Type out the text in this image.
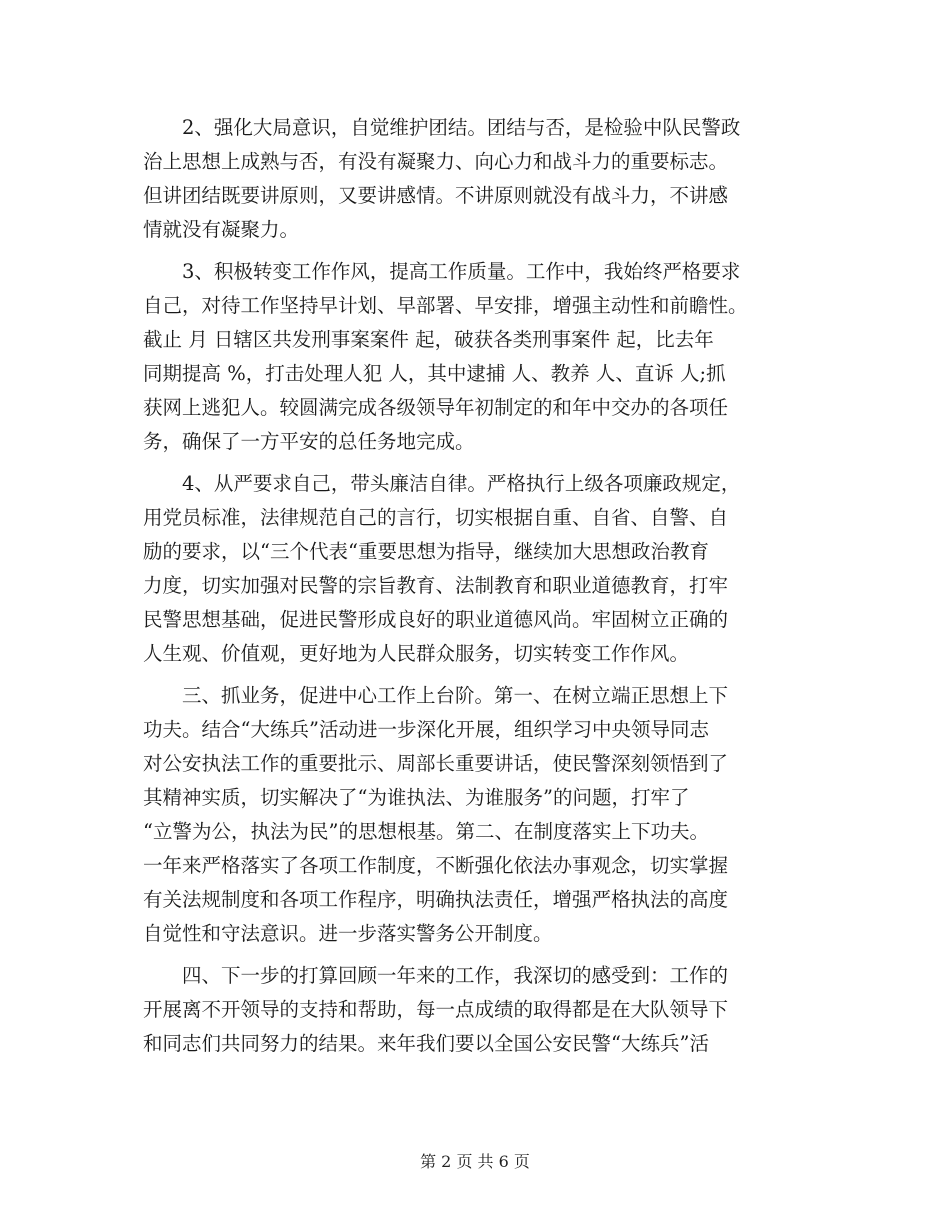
　　2、强化大局意识，自觉维护团结。团结与否，是检验中队民警政
治上思想上成熟与否，有没有凝聚力、向心力和战斗力的重要标志。
但讲团结既要讲原则，又要讲感情。不讲原则就没有战斗力，不讲感
情就没有凝聚力。
　　3、积极转变工作作风，提高工作质量。工作中，我始终严格要求
自己，对待工作坚持早计划、早部署、早安排，增强主动性和前瞻性。
截止 月 日辖区共发刑事案案件 起，破获各类刑事案件 起，比去年
同期提高 %，打击处理人犯 人，其中逮捕 人、教养 人、直诉 人;抓
获网上逃犯人。较圆满完成各级领导年初制定的和年中交办的各项任
务，确保了一方平安的总任务地完成。
　　4、从严要求自己，带头廉洁自律。严格执行上级各项廉政规定，
用党员标准，法律规范自己的言行，切实根据自重、自省、自警、自
励的要求，以“三个代表“重要思想为指导，继续加大思想政治教育
力度，切实加强对民警的宗旨教育、法制教育和职业道德教育，打牢
民警思想基础，促进民警形成良好的职业道德风尚。牢固树立正确的
人生观、价值观，更好地为人民群众服务，切实转变工作作风。
　　三、抓业务，促进中心工作上台阶。第一、在树立端正思想上下
功夫。结合“大练兵”活动进一步深化开展，组织学习中央领导同志
对公安执法工作的重要批示、周部长重要讲话，使民警深刻领悟到了
其精神实质，切实解决了“为谁执法、为谁服务”的问题，打牢了
“立警为公，执法为民”的思想根基。第二、在制度落实上下功夫。
一年来严格落实了各项工作制度，不断强化依法办事观念，切实掌握
有关法规制度和各项工作程序，明确执法责任，增强严格执法的高度
自觉性和守法意识。进一步落实警务公开制度。
　　四、下一步的打算回顾一年来的工作，我深切的感受到：工作的
开展离不开领导的支持和帮助，每一点成绩的取得都是在大队领导下
和同志们共同努力的结果。来年我们要以全国公安民警“大练兵”活
第 2 页 共 6 页
